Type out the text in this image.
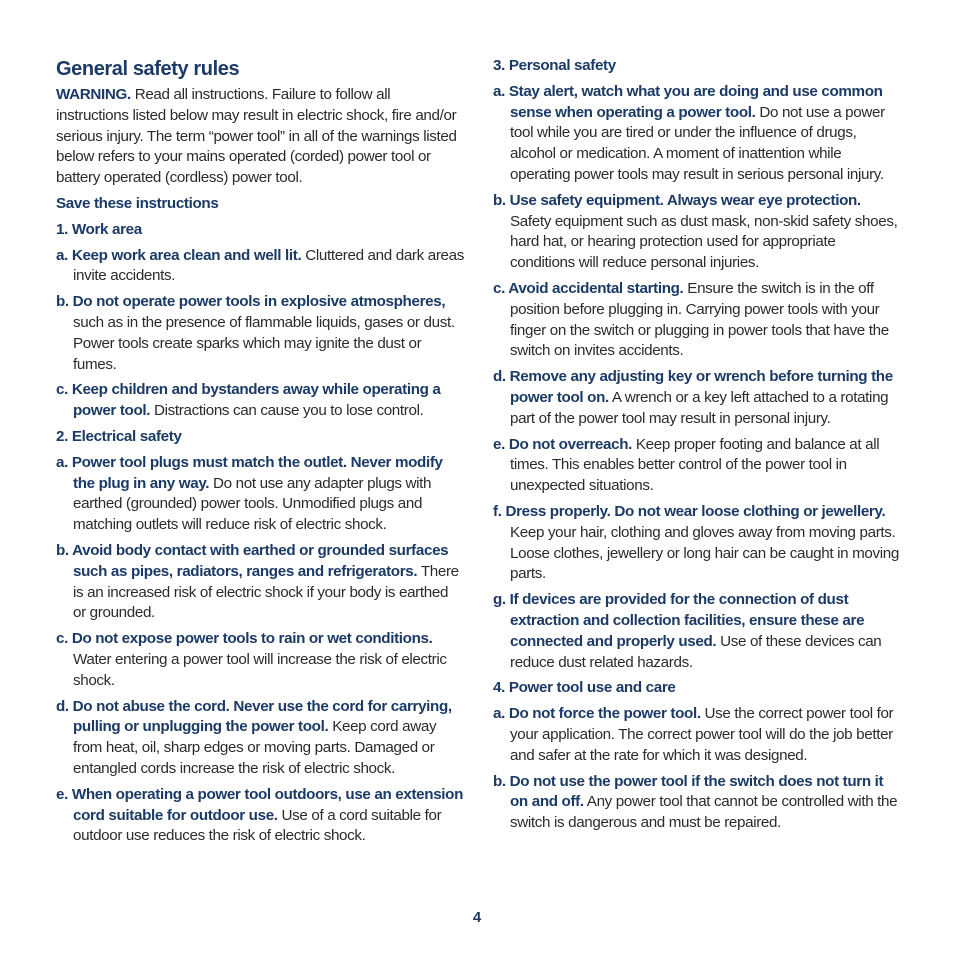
General safety rules

WARNING. Read all instructions. Failure to follow all instructions listed below may result in electric shock, fire and/or serious injury. The term “power tool” in all of the warnings listed below refers to your mains operated (corded) power tool or battery operated (cordless) power tool.

Save these instructions
1. Work area

a. Keep work area clean and well lit. Cluttered and dark areas invite accidents.

b. Do not operate power tools in explosive atmospheres, such as in the presence of flammable liquids, gases or dust. Power tools create sparks which may ignite the dust or fumes.

c. Keep children and bystanders away while operating a power tool. Distractions can cause you to lose control.

2. Electrical safety

a. Power tool plugs must match the outlet. Never modify the plug in any way. Do not use any adapter plugs with earthed (grounded) power tools. Unmodified plugs and matching outlets will reduce risk of electric shock.

b. Avoid body contact with earthed or grounded surfaces such as pipes, radiators, ranges and refrigerators. There is an increased risk of electric shock if your body is earthed or grounded.

c. Do not expose power tools to rain or wet conditions. Water entering a power tool will increase the risk of electric shock.

d. Do not abuse the cord. Never use the cord for carrying, pulling or unplugging the power tool. Keep cord away from heat, oil, sharp edges or moving parts. Damaged or entangled cords increase the risk of electric shock.

e. When operating a power tool outdoors, use an extension cord suitable for outdoor use. Use of a cord suitable for outdoor use reduces the risk of electric shock.

3. Personal safety

a. Stay alert, watch what you are doing and use common sense when operating a power tool. Do not use a power tool while you are tired or under the influence of drugs, alcohol or medication. A moment of inattention while operating power tools may result in serious personal injury.

b. Use safety equipment. Always wear eye protection. Safety equipment such as dust mask, non-skid safety shoes, hard hat, or hearing protection used for appropriate conditions will reduce personal injuries.

c. Avoid accidental starting. Ensure the switch is in the off position before plugging in. Carrying power tools with your finger on the switch or plugging in power tools that have the switch on invites accidents.

d. Remove any adjusting key or wrench before turning the power tool on. A wrench or a key left attached to a rotating part of the power tool may result in personal injury.

e. Do not overreach. Keep proper footing and balance at all times. This enables better control of the power tool in unexpected situations.

f. Dress properly. Do not wear loose clothing or jewellery. Keep your hair, clothing and gloves away from moving parts. Loose clothes, jewellery or long hair can be caught in moving parts.

g. If devices are provided for the connection of dust extraction and collection facilities, ensure these are connected and properly used. Use of these devices can reduce dust related hazards.

4. Power tool use and care

a. Do not force the power tool. Use the correct power tool for your application. The correct power tool will do the job better and safer at the rate for which it was designed.

b. Do not use the power tool if the switch does not turn it on and off. Any power tool that cannot be controlled with the switch is dangerous and must be repaired.

4
